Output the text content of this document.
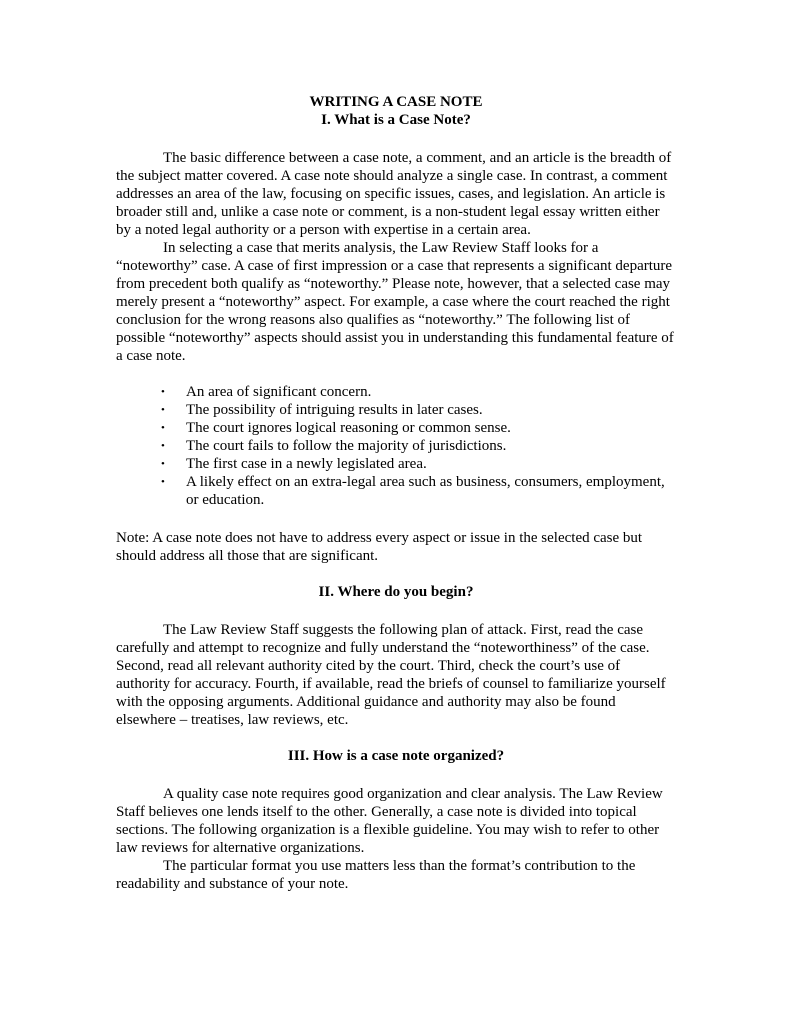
WRITING A CASE NOTE

I. What is a Case Note?

The basic difference between a case note, a comment, and an article is the breadth of the subject matter covered. A case note should analyze a single case. In contrast, a comment addresses an area of the law, focusing on specific issues, cases, and legislation. An article is broader still and, unlike a case note or comment, is a non-student legal essay written either by a noted legal authority or a person with expertise in a certain area.

In selecting a case that merits analysis, the Law Review Staff looks for a “noteworthy” case. A case of first impression or a case that represents a significant departure from precedent both qualify as “noteworthy.” Please note, however, that a selected case may merely present a “noteworthy” aspect. For example, a case where the court reached the right conclusion for the wrong reasons also qualifies as “noteworthy.” The following list of possible “noteworthy” aspects should assist you in understanding this fundamental feature of a case note.

• An area of significant concern.
• The possibility of intriguing results in later cases.
• The court ignores logical reasoning or common sense.
• The court fails to follow the majority of jurisdictions.
• The first case in a newly legislated area.
• A likely effect on an extra-legal area such as business, consumers, employment, or education.

Note: A case note does not have to address every aspect or issue in the selected case but should address all those that are significant.

II. Where do you begin?

The Law Review Staff suggests the following plan of attack. First, read the case carefully and attempt to recognize and fully understand the “noteworthiness” of the case. Second, read all relevant authority cited by the court. Third, check the court’s use of authority for accuracy. Fourth, if available, read the briefs of counsel to familiarize yourself with the opposing arguments. Additional guidance and authority may also be found elsewhere – treatises, law reviews, etc.

III. How is a case note organized?

A quality case note requires good organization and clear analysis. The Law Review Staff believes one lends itself to the other. Generally, a case note is divided into topical sections. The following organization is a flexible guideline. You may wish to refer to other law reviews for alternative organizations.

The particular format you use matters less than the format’s contribution to the readability and substance of your note.
